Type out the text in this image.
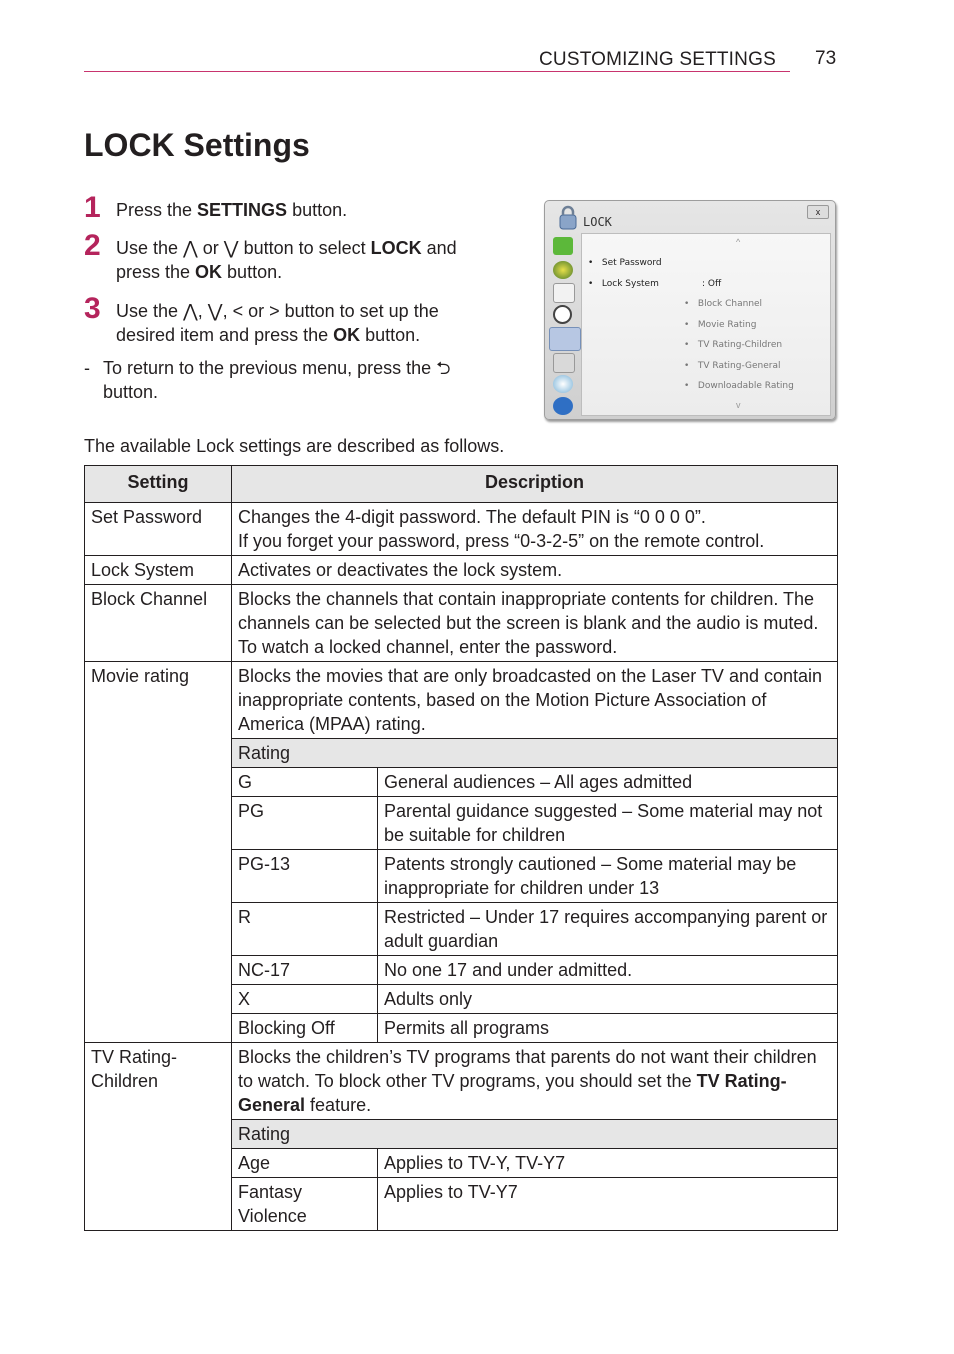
CUSTOMIZING SETTINGS 73
LOCK Settings
1 Press the SETTINGS button.
2 Use the ⋀ or ⋁ button to select LOCK and press the OK button.
3 Use the ⋀, ⋁, < or > button to set up the desired item and press the OK button.
- To return to the previous menu, press the ⮌ button.
LOCK
x
^
•   Set Password
•   Lock System	: Off
•   Block Channel
•   Movie Rating
•   TV Rating-Children
•   TV Rating-General
•   Downloadable Rating
v
The available Lock settings are described as follows.
Setting	Description	
Set Password	Changes the 4-digit password. The default PIN is “0 0 0 0”.
If you forget your password, press “0-3-2-5” on the remote control.	

Lock System	Activates or deactivates the lock system.	
Block Channel	Blocks the channels that contain inappropriate contents for children. The channels can be selected but the screen is blank and the audio is muted.
To watch a locked channel, enter the password.	

Movie rating	Blocks the movies that are only broadcasted on the Laser TV and contain inappropriate contents, based on the Motion Picture Association of America (MPAA) rating.	
	Rating	
	G	General audiences – All ages admitted
	PG	Parental guidance suggested – Some material may not be suitable for children
	PG-13	Patents strongly cautioned – Some material may be inappropriate for children under 13
	R	Restricted – Under 17 requires accompanying parent or adult guardian
	NC-17	No one 17 and under admitted.
	X	Adults only
	Blocking Off	Permits all programs
TV Rating-Children	Blocks the children’s TV programs that parents do not want their children to watch. To block other TV programs, you should set the TV Rating-General feature.	
	Rating	
	Age	Applies to TV-Y, TV-Y7
	Fantasy Violence	Applies to TV-Y7
